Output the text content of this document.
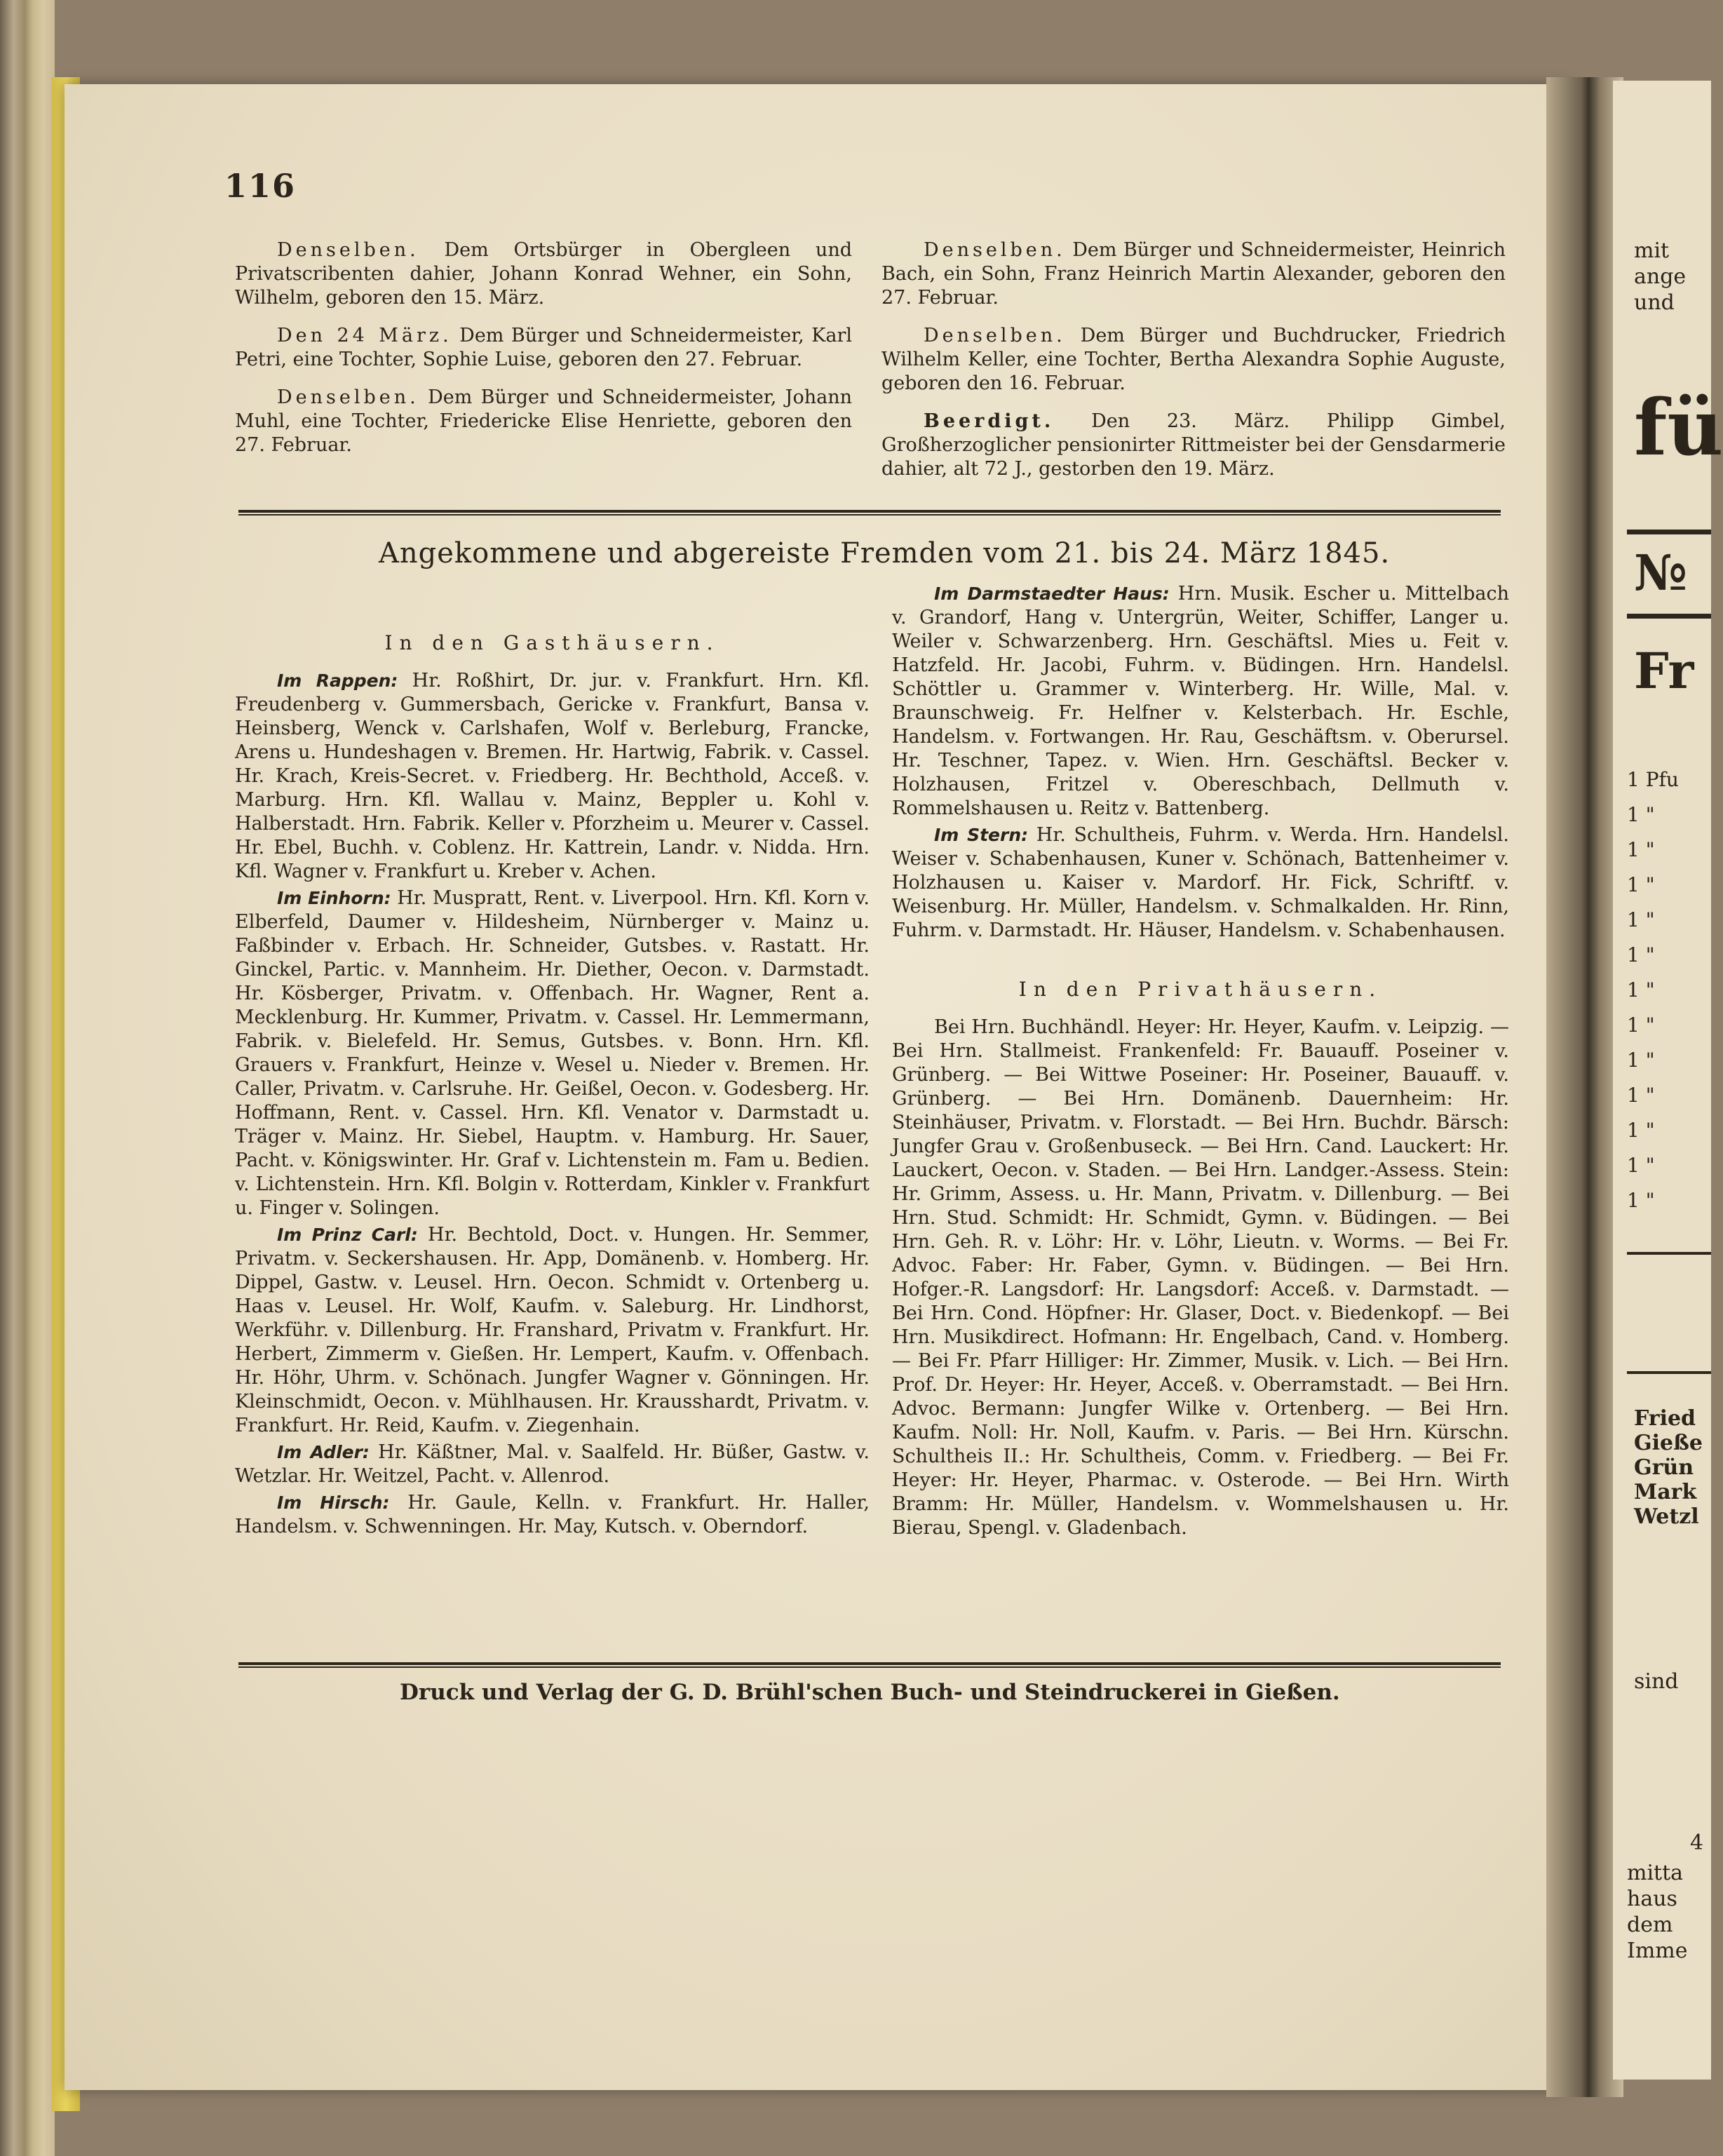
116

Denselben. Dem Ortsbürger in Obergleen und Privatscribenten dahier, Johann Konrad Wehner, ein Sohn, Wilhelm, geboren den 15. März.

Den 24 März. Dem Bürger und Schneidermeister, Karl Petri, eine Tochter, Sophie Luise, geboren den 27. Februar.

Denselben. Dem Bürger und Schneidermeister, Johann Muhl, eine Tochter, Friedericke Elise Henriette, geboren den 27. Februar.

Denselben. Dem Bürger und Schneidermeister, Heinrich Bach, ein Sohn, Franz Heinrich Martin Alexander, geboren den 27. Februar.

Denselben. Dem Bürger und Buchdrucker, Friedrich Wilhelm Keller, eine Tochter, Bertha Alexandra Sophie Auguste, geboren den 16. Februar.

Beerdigt. Den 23. März. Philipp Gimbel, Großherzoglicher pensionirter Rittmeister bei der Gensdarmerie dahier, alt 72 J., gestorben den 19. März.

Angekommene und abgereiste Fremden vom 21. bis 24. März 1845.

In den Gasthäusern.

Im Rappen: Hr. Roßhirt, Dr. jur. v. Frankfurt. Hrn. Kfl. Freudenberg v. Gummersbach, Gericke v. Frankfurt, Bansa v. Heinsberg, Wenck v. Carlshafen, Wolf v. Berleburg, Francke, Arens u. Hundeshagen v. Bremen. Hr. Hartwig, Fabrik. v. Cassel. Hr. Krach, Kreis-Secret. v. Friedberg. Hr. Bechthold, Acceß. v. Marburg. Hrn. Kfl. Wallau v. Mainz, Beppler u. Kohl v. Halberstadt. Hrn. Fabrik. Keller v. Pforzheim u. Meurer v. Cassel. Hr. Ebel, Buchh. v. Coblenz. Hr. Kattrein, Landr. v. Nidda. Hrn. Kfl. Wagner v. Frankfurt u. Kreber v. Achen.

Im Einhorn: Hr. Muspratt, Rent. v. Liverpool. Hrn. Kfl. Korn v. Elberfeld, Daumer v. Hildesheim, Nürnberger v. Mainz u. Faßbinder v. Erbach. Hr. Schneider, Gutsbes. v. Rastatt. Hr. Ginckel, Partic. v. Mannheim. Hr. Diether, Oecon. v. Darmstadt. Hr. Kösberger, Privatm. v. Offenbach. Hr. Wagner, Rent a. Mecklenburg. Hr. Kummer, Privatm. v. Cassel. Hr. Lemmermann, Fabrik. v. Bielefeld. Hr. Semus, Gutsbes. v. Bonn. Hrn. Kfl. Grauers v. Frankfurt, Heinze v. Wesel u. Nieder v. Bremen. Hr. Caller, Privatm. v. Carlsruhe. Hr. Geißel, Oecon. v. Godesberg. Hr. Hoffmann, Rent. v. Cassel. Hrn. Kfl. Venator v. Darmstadt u. Träger v. Mainz. Hr. Siebel, Hauptm. v. Hamburg. Hr. Sauer, Pacht. v. Königswinter. Hr. Graf v. Lichtenstein m. Fam u. Bedien. v. Lichtenstein. Hrn. Kfl. Bolgin v. Rotterdam, Kinkler v. Frankfurt u. Finger v. Solingen.

Im Prinz Carl: Hr. Bechtold, Doct. v. Hungen. Hr. Semmer, Privatm. v. Seckershausen. Hr. App, Domänenb. v. Homberg. Hr. Dippel, Gastw. v. Leusel. Hrn. Oecon. Schmidt v. Ortenberg u. Haas v. Leusel. Hr. Wolf, Kaufm. v. Saleburg. Hr. Lindhorst, Werkführ. v. Dillenburg. Hr. Franshard, Privatm v. Frankfurt. Hr. Herbert, Zimmerm v. Gießen. Hr. Lempert, Kaufm. v. Offenbach. Hr. Höhr, Uhrm. v. Schönach. Jungfer Wagner v. Gönningen. Hr. Kleinschmidt, Oecon. v. Mühlhausen. Hr. Krausshardt, Privatm. v. Frankfurt. Hr. Reid, Kaufm. v. Ziegenhain.

Im Adler: Hr. Käßtner, Mal. v. Saalfeld. Hr. Büßer, Gastw. v. Wetzlar. Hr. Weitzel, Pacht. v. Allenrod.

Im Hirsch: Hr. Gaule, Kelln. v. Frankfurt. Hr. Haller, Handelsm. v. Schwenningen. Hr. May, Kutsch. v. Oberndorf.

Im Darmstaedter Haus: Hrn. Musik. Escher u. Mittelbach v. Grandorf, Hang v. Untergrün, Weiter, Schiffer, Langer u. Weiler v. Schwarzenberg. Hrn. Geschäftsl. Mies u. Feit v. Hatzfeld. Hr. Jacobi, Fuhrm. v. Büdingen. Hrn. Handelsl. Schöttler u. Grammer v. Winterberg. Hr. Wille, Mal. v. Braunschweig. Fr. Helfner v. Kelsterbach. Hr. Eschle, Handelsm. v. Fortwangen. Hr. Rau, Geschäftsm. v. Oberursel. Hr. Teschner, Tapez. v. Wien. Hrn. Geschäftsl. Becker v. Holzhausen, Fritzel v. Obereschbach, Dellmuth v. Rommelshausen u. Reitz v. Battenberg.

Im Stern: Hr. Schultheis, Fuhrm. v. Werda. Hrn. Handelsl. Weiser v. Schabenhausen, Kuner v. Schönach, Battenheimer v. Holzhausen u. Kaiser v. Mardorf. Hr. Fick, Schriftf. v. Weisenburg. Hr. Müller, Handelsm. v. Schmalkalden. Hr. Rinn, Fuhrm. v. Darmstadt. Hr. Häuser, Handelsm. v. Schabenhausen.

In den Privathäusern.

Bei Hrn. Buchhändl. Heyer: Hr. Heyer, Kaufm. v. Leipzig. — Bei Hrn. Stallmeist. Frankenfeld: Fr. Bauauff. Poseiner v. Grünberg. — Bei Wittwe Poseiner: Hr. Poseiner, Bauauff. v. Grünberg. — Bei Hrn. Domänenb. Dauernheim: Hr. Steinhäuser, Privatm. v. Florstadt. — Bei Hrn. Buchdr. Bärsch: Jungfer Grau v. Großenbuseck. — Bei Hrn. Cand. Lauckert: Hr. Lauckert, Oecon. v. Staden. — Bei Hrn. Landger.-Assess. Stein: Hr. Grimm, Assess. u. Hr. Mann, Privatm. v. Dillenburg. — Bei Hrn. Stud. Schmidt: Hr. Schmidt, Gymn. v. Büdingen. — Bei Hrn. Geh. R. v. Löhr: Hr. v. Löhr, Lieutn. v. Worms. — Bei Fr. Advoc. Faber: Hr. Faber, Gymn. v. Büdingen. — Bei Hrn. Hofger.-R. Langsdorf: Hr. Langsdorf: Acceß. v. Darmstadt. — Bei Hrn. Cond. Höpfner: Hr. Glaser, Doct. v. Biedenkopf. — Bei Hrn. Musikdirect. Hofmann: Hr. Engelbach, Cand. v. Homberg. — Bei Fr. Pfarr Hilliger: Hr. Zimmer, Musik. v. Lich. — Bei Hrn. Prof. Dr. Heyer: Hr. Heyer, Acceß. v. Oberramstadt. — Bei Hrn. Advoc. Bermann: Jungfer Wilke v. Ortenberg. — Bei Hrn. Kaufm. Noll: Hr. Noll, Kaufm. v. Paris. — Bei Hrn. Kürschn. Schultheis II.: Hr. Schultheis, Comm. v. Friedberg. — Bei Fr. Heyer: Hr. Heyer, Pharmac. v. Osterode. — Bei Hrn. Wirth Bramm: Hr. Müller, Handelsm. v. Wommelshausen u. Hr. Bierau, Spengl. v. Gladenbach.

Druck und Verlag der G. D. Brühl'schen Buch- und Steindruckerei in Gießen.
mit
ange
und
fü
№
Fr
1 Pfu
1 "
1 "
1 "
1 "
1 "
1 "
1 "
1 "
1 "
1 "
1 "
1 "
Fried
Gieße
Grün
Mark
Wetzl
sind
4
mitta
haus
dem
Imme
